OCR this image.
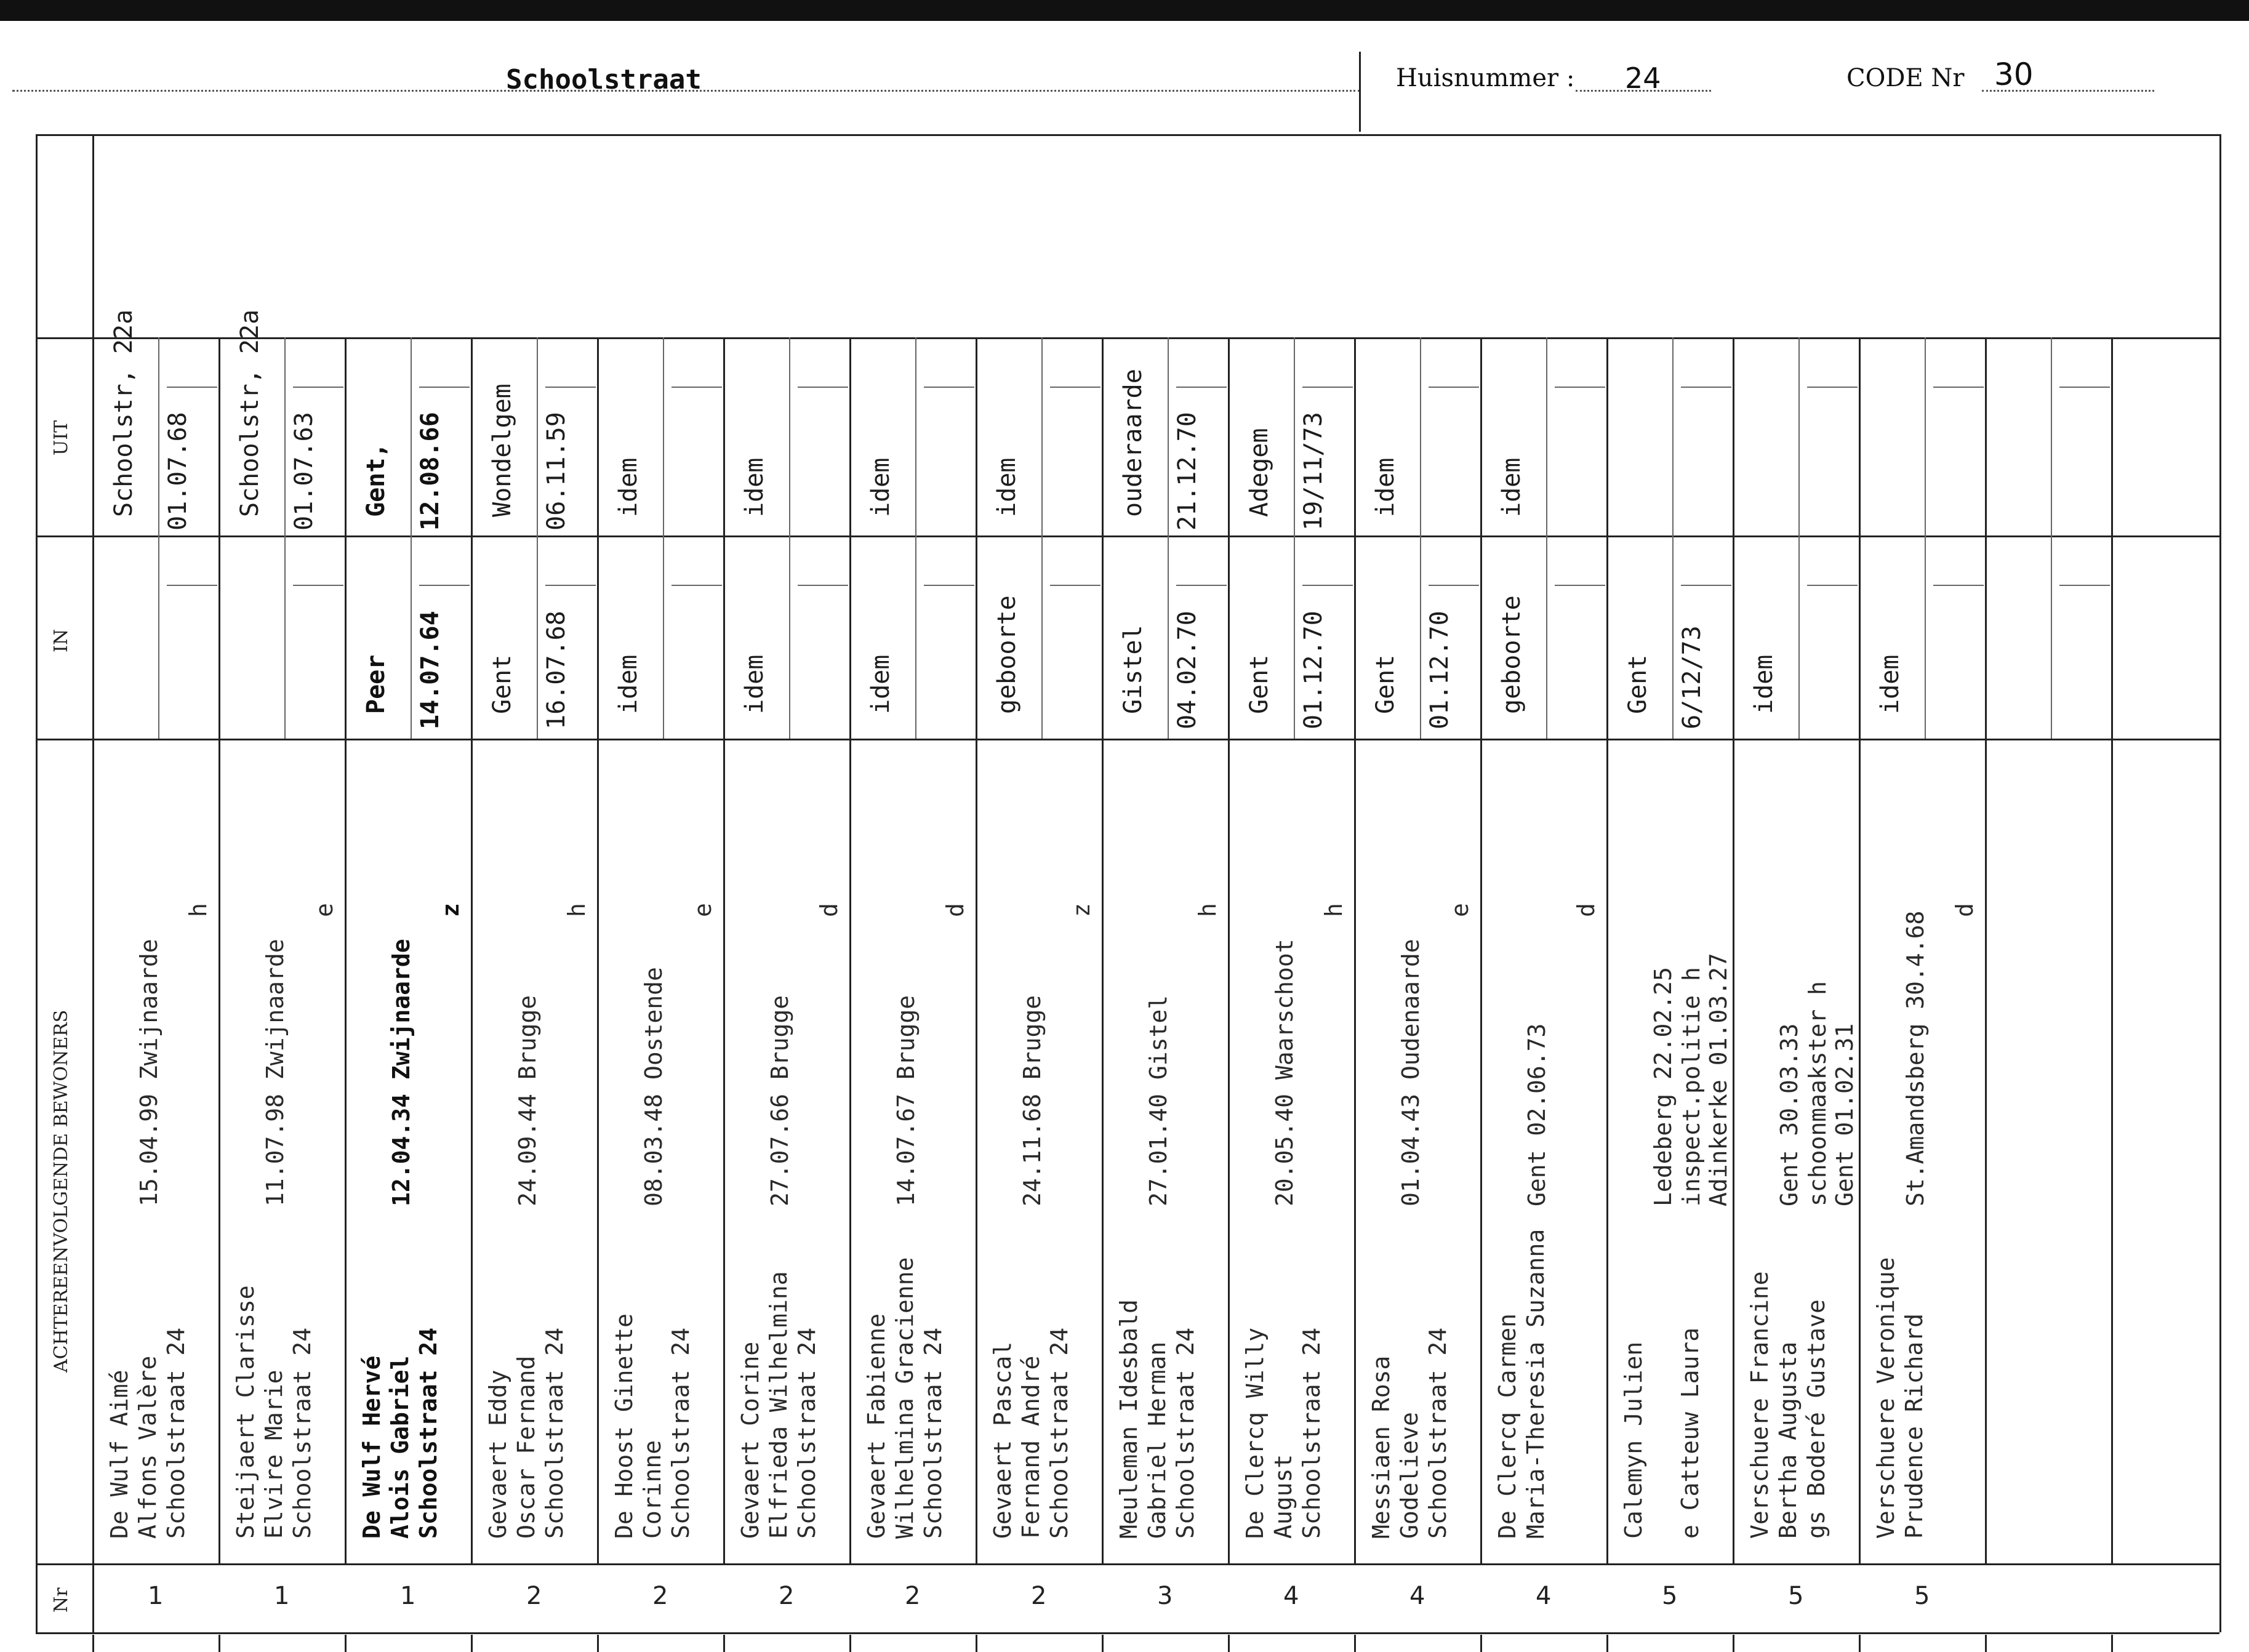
Schoolstraat	Huisnummer : 24	CODE Nr 30
UIT
IN
ACHTEREENVOLGENDE BEWONERS
Nr
De Wulf Aimé Alfons Valère Schoolstraat 24
15.04.99 Zwijnaarde
h
Schoolstr, 22a 01.07.68
1
Steijaert Clarisse Elvire Marie Schoolstraat 24
11.07.98 Zwijnaarde
e
Schoolstr, 22a 01.07.63
1
De Wulf Hervé Alois Gabriel Schoolstraat 24
12.04.34 Zwijnaarde
z
Peer 14.07.64
Gent, 12.08.66
1
Gevaert Eddy Oscar Fernand Schoolstraat 24
24.09.44 Brugge
h
Gent 16.07.68
Wondelgem 06.11.59
2
De Hoost Ginette Corinne Schoolstraat 24
08.03.48 Oostende
e
idem
idem
2
Gevaert Corine Elfrieda Wilhelmina Schoolstraat 24
27.07.66 Brugge
d
idem
idem
2
Gevaert Fabienne Wilhelmina Gracienne Schoolstraat 24
14.07.67 Brugge
d
idem
idem
2
Gevaert Pascal Fernand André Schoolstraat 24
24.11.68 Brugge
z
geboorte
idem
2
Meuleman Idesbald Gabriel Herman Schoolstraat 24
27.01.40 Gistel
h
Gistel 04.02.70
ouderaarde 21.12.70
3
De Clercq Willy August Schoolstraat 24
20.05.40 Waarschoot
h
Gent 01.12.70
Adegem 19/11/73
4
Messiaen Rosa Godelieve Schoolstraat 24
01.04.43 Oudenaarde
e
Gent 01.12.70
idem
4
De Clercq Carmen Maria-Theresia Suzanna
Gent 02.06.73
d
geboorte
idem
4
Calemyn Julien e Catteuw Laura
Ledeberg 22.02.25 inspect.politie h Adinkerke 01.03.27
Gent 6/12/73
5
Verschuere Francine Bertha Augusta gs Boderé Gustave
Gent 30.03.33 schoonmaakster h Gent 01.02.31
idem
5
Verschuere Veronique Prudence Richard
St.Amandsberg 30.4.68
d
idem
5
